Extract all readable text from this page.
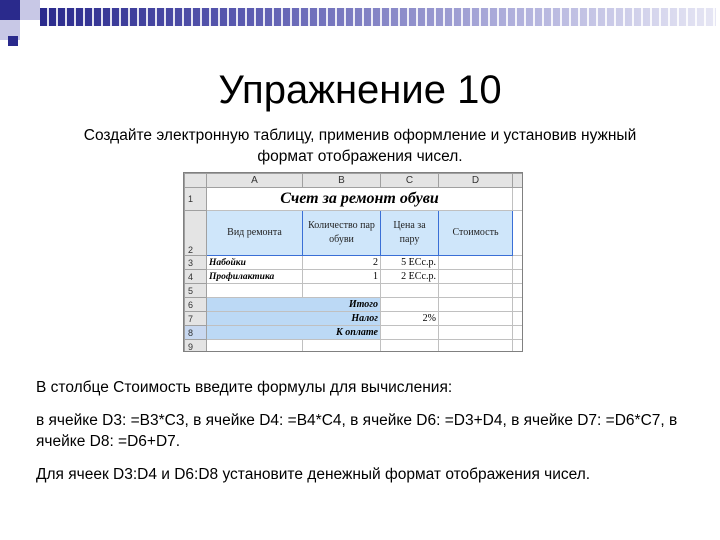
Упражнение 10
Создайте электронную таблицу, применив оформление и установив нужный формат отображения чисел.
	A	B	C	D	
1	Счет за ремонт обуви				
2	Вид ремонта	Количество пар обуви	Цена за пару	Стоимость	
3	Набойки	2	5 ЕСс.р.		
4	Профилактика	1	2 ЕСс.р.		
5					
6	Итого				
7	Налог		2%		
8	К оплате				
9					
В столбце Стоимость введите формулы для вычисления:
в ячейке D3: =B3*C3, в ячейке D4: =B4*C4, в ячейке D6: =D3+D4, в ячейке D7: =D6*C7, в ячейке D8: =D6+D7.
Для ячеек D3:D4 и D6:D8 установите денежный формат отображения чисел.
